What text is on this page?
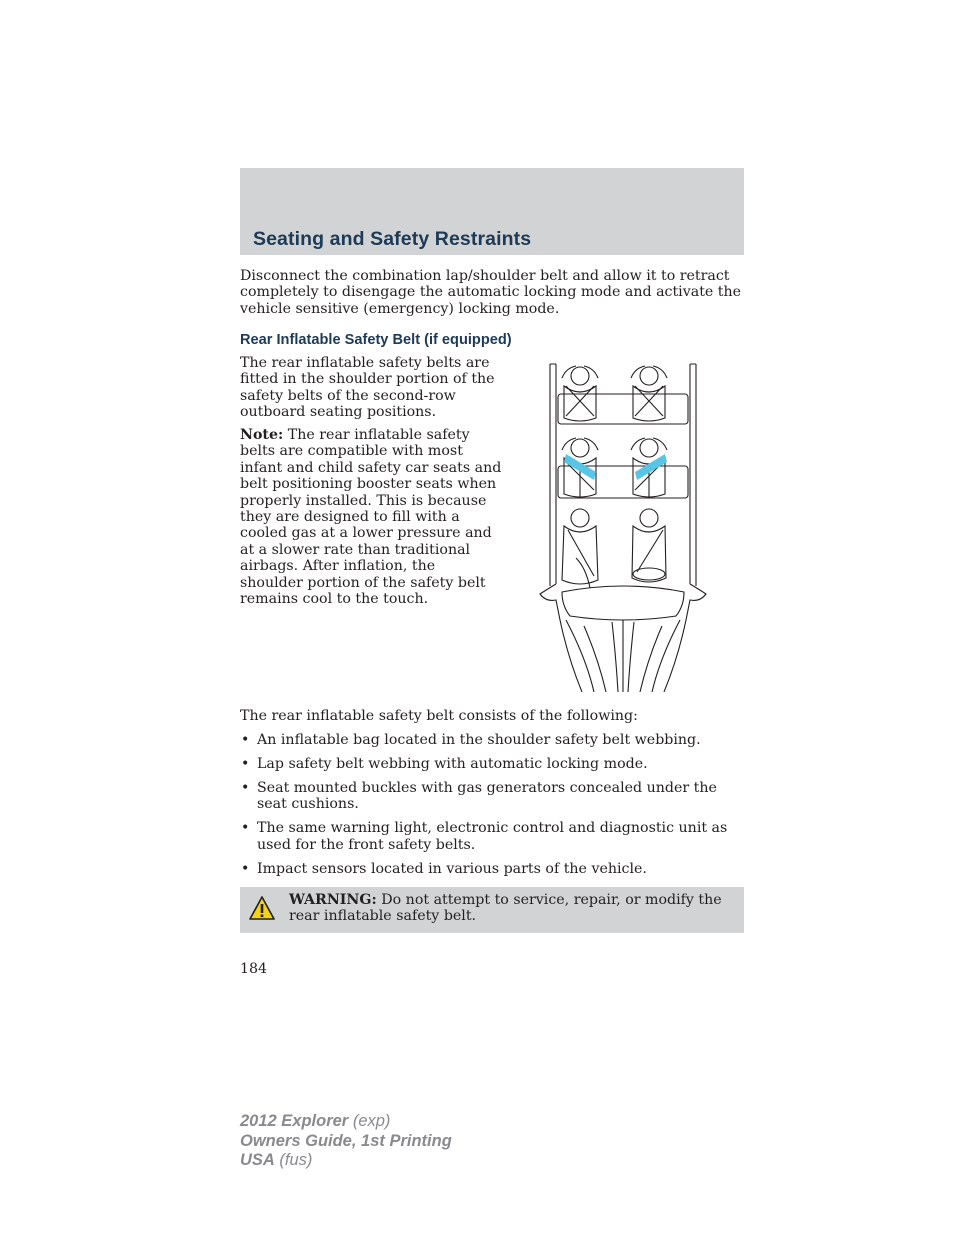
Seating and Safety Restraints

Disconnect the combination lap/shoulder belt and allow it to retract completely to disengage the automatic locking mode and activate the vehicle sensitive (emergency) locking mode.

Rear Inflatable Safety Belt (if equipped)

The rear inflatable safety belts are fitted in the shoulder portion of the safety belts of the second-row outboard seating positions.

Note: The rear inflatable safety belts are compatible with most infant and child safety car seats and belt positioning booster seats when properly installed. This is because they are designed to fill with a cooled gas at a lower pressure and at a slower rate than traditional airbags. After inflation, the shoulder portion of the safety belt remains cool to the touch.

The rear inflatable safety belt consists of the following:

• An inflatable bag located in the shoulder safety belt webbing.
• Lap safety belt webbing with automatic locking mode.
• Seat mounted buckles with gas generators concealed under the seat cushions.
• The same warning light, electronic control and diagnostic unit as used for the front safety belts.
• Impact sensors located in various parts of the vehicle.

WARNING: Do not attempt to service, repair, or modify the rear inflatable safety belt.

184

2012 Explorer (exp)
Owners Guide, 1st Printing
USA (fus)
